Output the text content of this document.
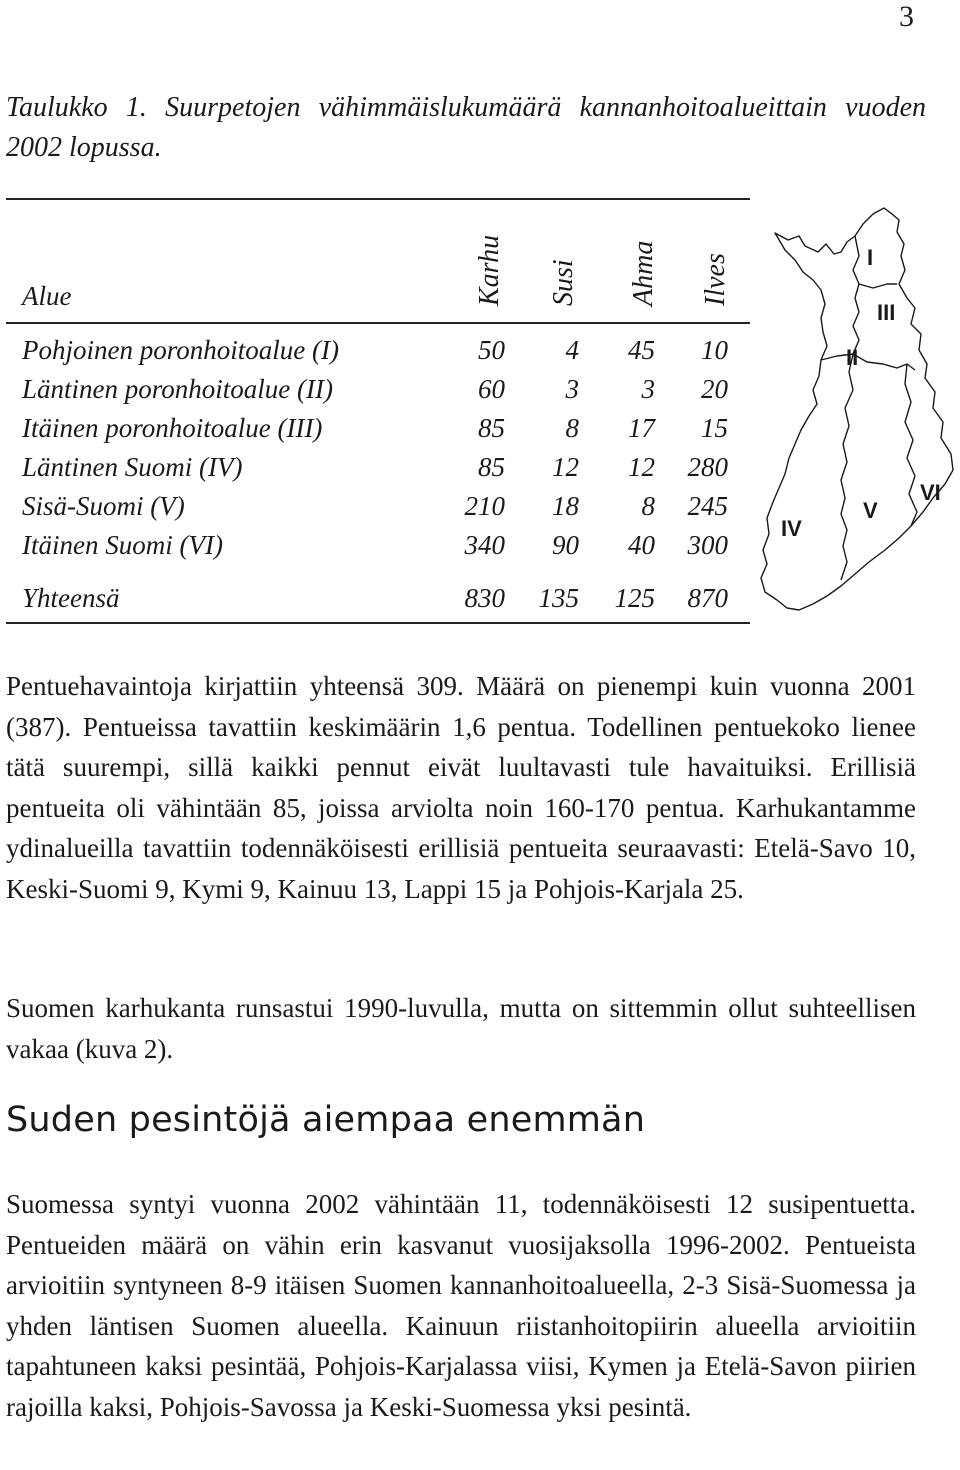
3

Taulukko 1. Suurpetojen vähimmäislukumäärä kannanhoitoalueittain vuoden 2002 lopussa.

Alue	Karhu Susi Ahma Ilves
Pohjoinen poronhoitoalue (I)	50	4	45	10
Läntinen poronhoitoalue (II)	60	3	3	20
Itäinen poronhoitoalue (III)	85	8	17	15
Läntinen Suomi (IV)	85	12	12	280
Sisä-Suomi (V)	210	18	8	245
Itäinen Suomi (VI)	340	90	40	300
Yhteensä	830	135	125	870
I
II
III
IV
V
VI

Pentuehavaintoja kirjattiin yhteensä 309. Määrä on pienempi kuin vuonna 2001 (387). Pentueissa tavattiin keskimäärin 1,6 pentua. Todellinen pentuekoko lienee tätä suurempi, sillä kaikki pennut eivät luultavasti tule havaituiksi. Erillisiä pentueita oli vähintään 85, joissa arviolta noin 160-170 pentua. Karhukantamme ydinalueilla tavattiin todennäköisesti erillisiä pentueita seuraavasti: Etelä-Savo 10, Keski-Suomi 9, Kymi 9, Kainuu 13, Lappi 15 ja Pohjois-Karjala 25.

Suomen karhukanta runsastui 1990-luvulla, mutta on sittemmin ollut suhteellisen vakaa (kuva 2).

Suden pesintöjä aiempaa enemmän

Suomessa syntyi vuonna 2002 vähintään 11, todennäköisesti 12 susipentuetta. Pentueiden määrä on vähin erin kasvanut vuosijaksolla 1996-2002. Pentueista arvioitiin syntyneen 8-9 itäisen Suomen kannanhoitoalueella, 2-3 Sisä-Suomessa ja yhden läntisen Suomen alueella. Kainuun riistanhoitopiirin alueella arvioitiin tapahtuneen kaksi pesintää, Pohjois-Karjalassa viisi, Kymen ja Etelä-Savon piirien rajoilla kaksi, Pohjois-Savossa ja Keski-Suomessa yksi pesintä.
